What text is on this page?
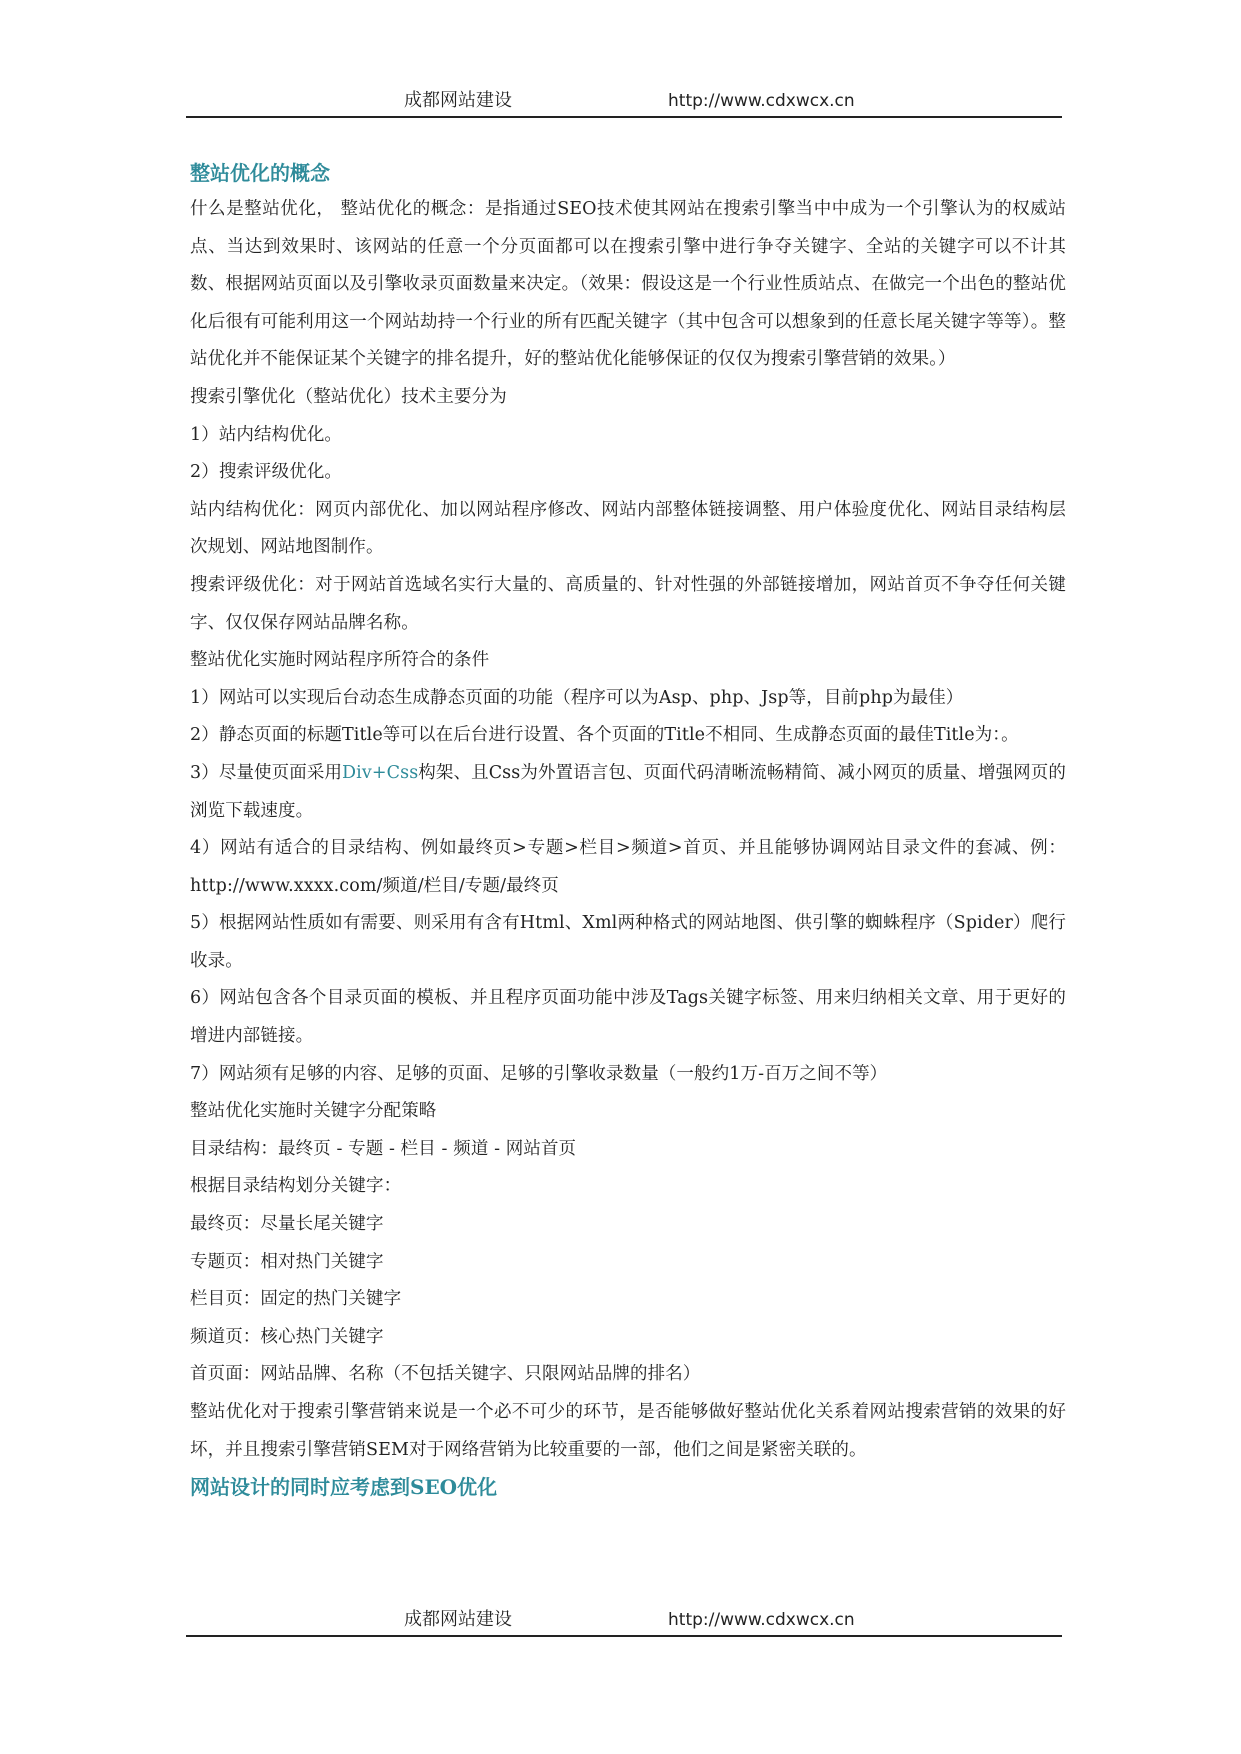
成都网站建设	http://www.cdxwcx.cn
整站优化的概念

什么是整站优化， 整站优化的概念：是指通过SEO技术使其网站在搜索引擎当中中成为一个引擎认为的权威站点、当达到效果时、该网站的任意一个分页面都可以在搜索引擎中进行争夺关键字、全站的关键字可以不计其数、根据网站页面以及引擎收录页面数量来决定。（效果：假设这是一个行业性质站点、在做完一个出色的整站优化后很有可能利用这一个网站劫持一个行业的所有匹配关键字（其中包含可以想象到的任意长尾关键字等等）。整站优化并不能保证某个关键字的排名提升，好的整站优化能够保证的仅仅为搜索引擎营销的效果。）

搜索引擎优化（整站优化）技术主要分为

1）站内结构优化。

2）搜索评级优化。

站内结构优化：网页内部优化、加以网站程序修改、网站内部整体链接调整、用户体验度优化、网站目录结构层次规划、网站地图制作。

搜索评级优化：对于网站首选域名实行大量的、高质量的、针对性强的外部链接增加，网站首页不争夺任何关键字、仅仅保存网站品牌名称。

整站优化实施时网站程序所符合的条件

1）网站可以实现后台动态生成静态页面的功能（程序可以为Asp、php、Jsp等，目前php为最佳）

2）静态页面的标题Title等可以在后台进行设置、各个页面的Title不相同、生成静态页面的最佳Title为：。

3）尽量使页面采用Div+Css构架、且Css为外置语言包、页面代码清晰流畅精简、减小网页的质量、增强网页的浏览下载速度。

4）网站有适合的目录结构、例如最终页>专题>栏目>频道>首页、并且能够协调网站目录文件的套减、例：http://www.xxxx.com/频道/栏目/专题/最终页

5）根据网站性质如有需要、则采用有含有Html、Xml两种格式的网站地图、供引擎的蜘蛛程序（Spider）爬行收录。

6）网站包含各个目录页面的模板、并且程序页面功能中涉及Tags关键字标签、用来归纳相关文章、用于更好的增进内部链接。

7）网站须有足够的内容、足够的页面、足够的引擎收录数量（一般约1万-百万之间不等）

整站优化实施时关键字分配策略

目录结构：最终页 - 专题 - 栏目 - 频道 - 网站首页

根据目录结构划分关键字：

最终页：尽量长尾关键字

专题页：相对热门关键字

栏目页：固定的热门关键字

频道页：核心热门关键字

首页面：网站品牌、名称（不包括关键字、只限网站品牌的排名）

整站优化对于搜索引擎营销来说是一个必不可少的环节，是否能够做好整站优化关系着网站搜索营销的效果的好坏，并且搜索引擎营销SEM对于网络营销为比较重要的一部，他们之间是紧密关联的。

网站设计的同时应考虑到SEO优化
成都网站建设	http://www.cdxwcx.cn
